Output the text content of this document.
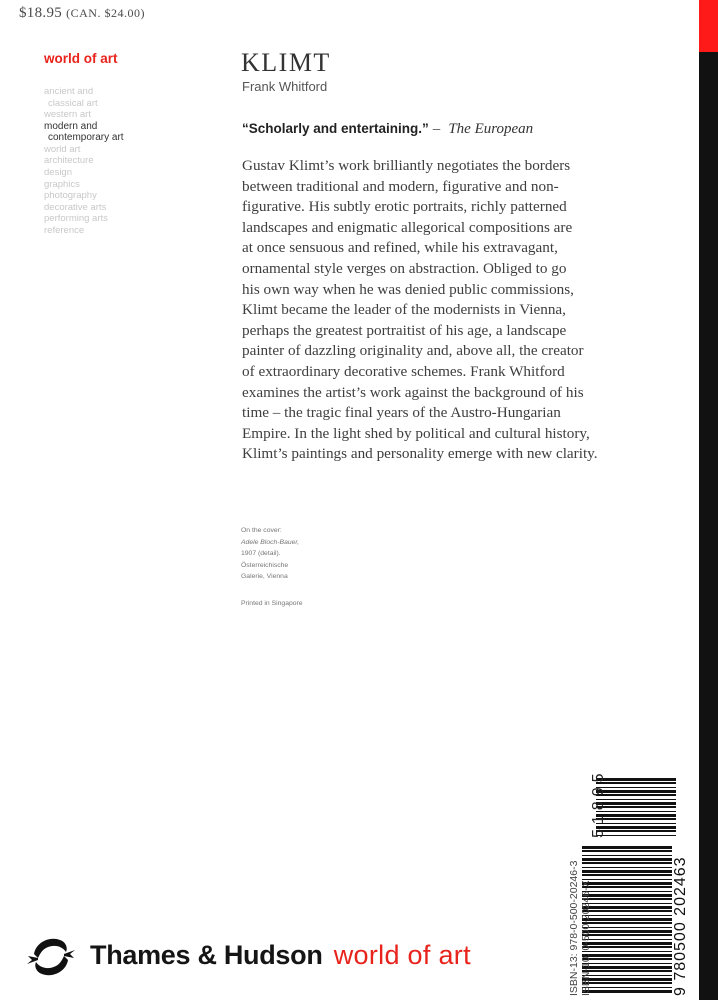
$18.95 (CAN. $24.00)
world of art
ancient and
classical art
western art
modern and
contemporary art
world art
architecture
design
graphics
photography
decorative arts
performing arts
reference
KLIMT
Frank Whitford
“Scholarly and entertaining.” – The European

Gustav Klimt’s work brilliantly negotiates the borders
between traditional and modern, figurative and non-
figurative. His subtly erotic portraits, richly patterned
landscapes and enigmatic allegorical compositions are
at once sensuous and refined, while his extravagant,
ornamental style verges on abstraction. Obliged to go
his own way when he was denied public commissions,
Klimt became the leader of the modernists in Vienna,
perhaps the greatest portraitist of his age, a landscape
painter of dazzling originality and, above all, the creator
of extraordinary decorative schemes. Frank Whitford
examines the artist’s work against the background of his
time – the tragic final years of the Austro-Hungarian
Empire. In the light shed by political and cultural history,
Klimt’s paintings and personality emerge with new clarity.

On the cover:
Adele Bloch-Bauer,
1907 (detail).
Österreichische
Galerie, Vienna
Printed in Singapore
ISBN-13: 978-0-500-20246-3 ISBN-10: 0-500-20246-X	9 780500 202463
51895
Thames & Hudson world of art
